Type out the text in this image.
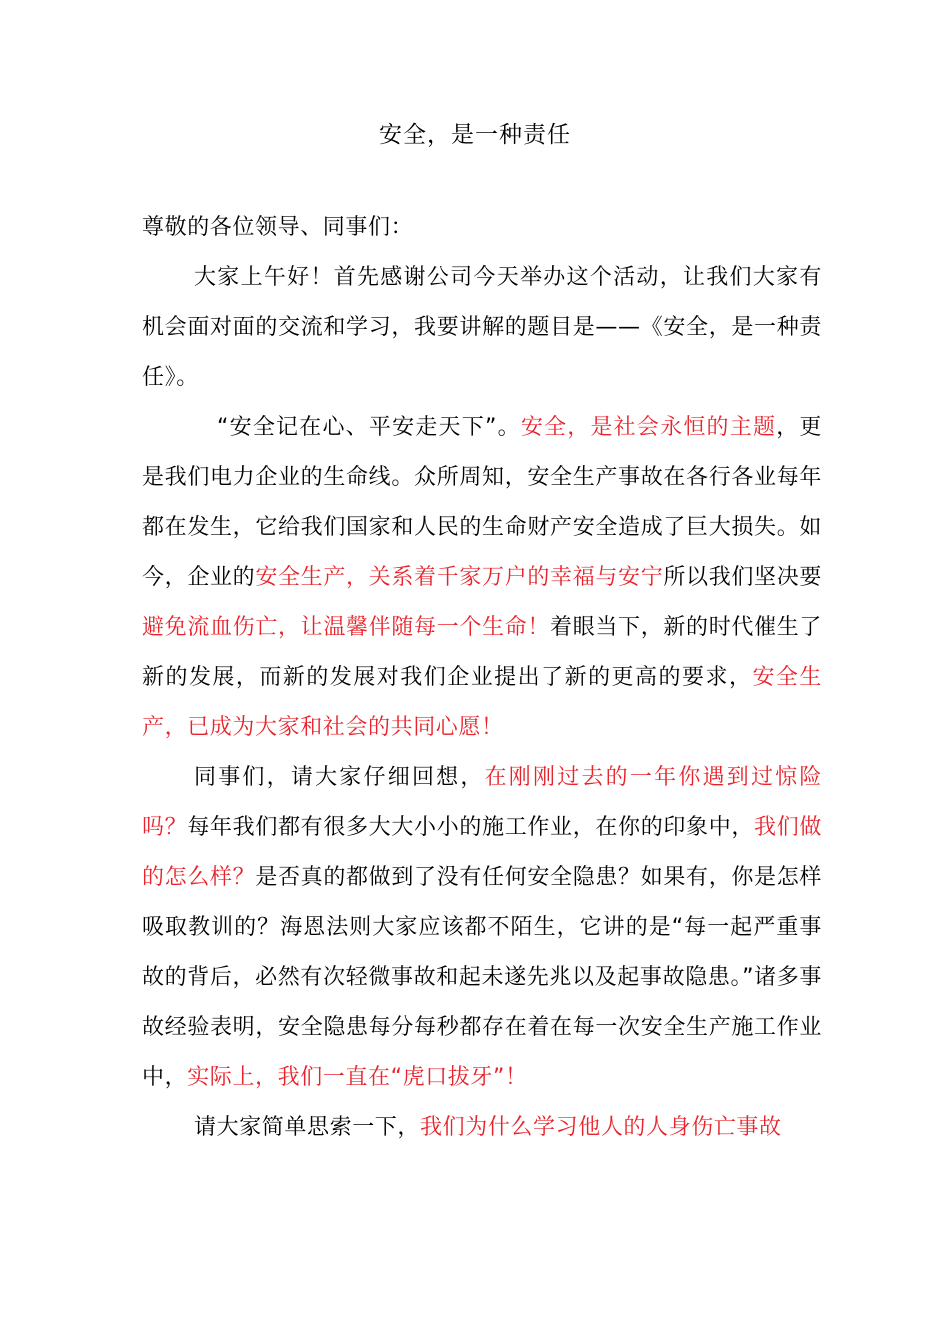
安全，是一种责任

尊敬的各位领导、同事们：

大家上午好！首先感谢公司今天举办这个活动，让我们大家有机会面对面的交流和学习，我要讲解的题目是——《安全，是一种责任》。

“安全记在心、平安走天下”。安全，是社会永恒的主题，更是我们电力企业的生命线。众所周知，安全生产事故在各行各业每年都在发生，它给我们国家和人民的生命财产安全造成了巨大损失。如今，企业的安全生产，关系着千家万户的幸福与安宁所以我们坚决要避免流血伤亡，让温馨伴随每一个生命！着眼当下，新的时代催生了新的发展，而新的发展对我们企业提出了新的更高的要求，安全生产，已成为大家和社会的共同心愿！

同事们，请大家仔细回想，在刚刚过去的一年你遇到过惊险吗？每年我们都有很多大大小小的施工作业，在你的印象中，我们做的怎么样？是否真的都做到了没有任何安全隐患？如果有，你是怎样吸取教训的？海恩法则大家应该都不陌生，它讲的是“每一起严重事故的背后，必然有次轻微事故和起未遂先兆以及起事故隐患。”诸多事故经验表明，安全隐患每分每秒都存在着在每一次安全生产施工作业中，实际上，我们一直在“虎口拔牙”！

请大家简单思索一下，我们为什么学习他人的人身伤亡事故
